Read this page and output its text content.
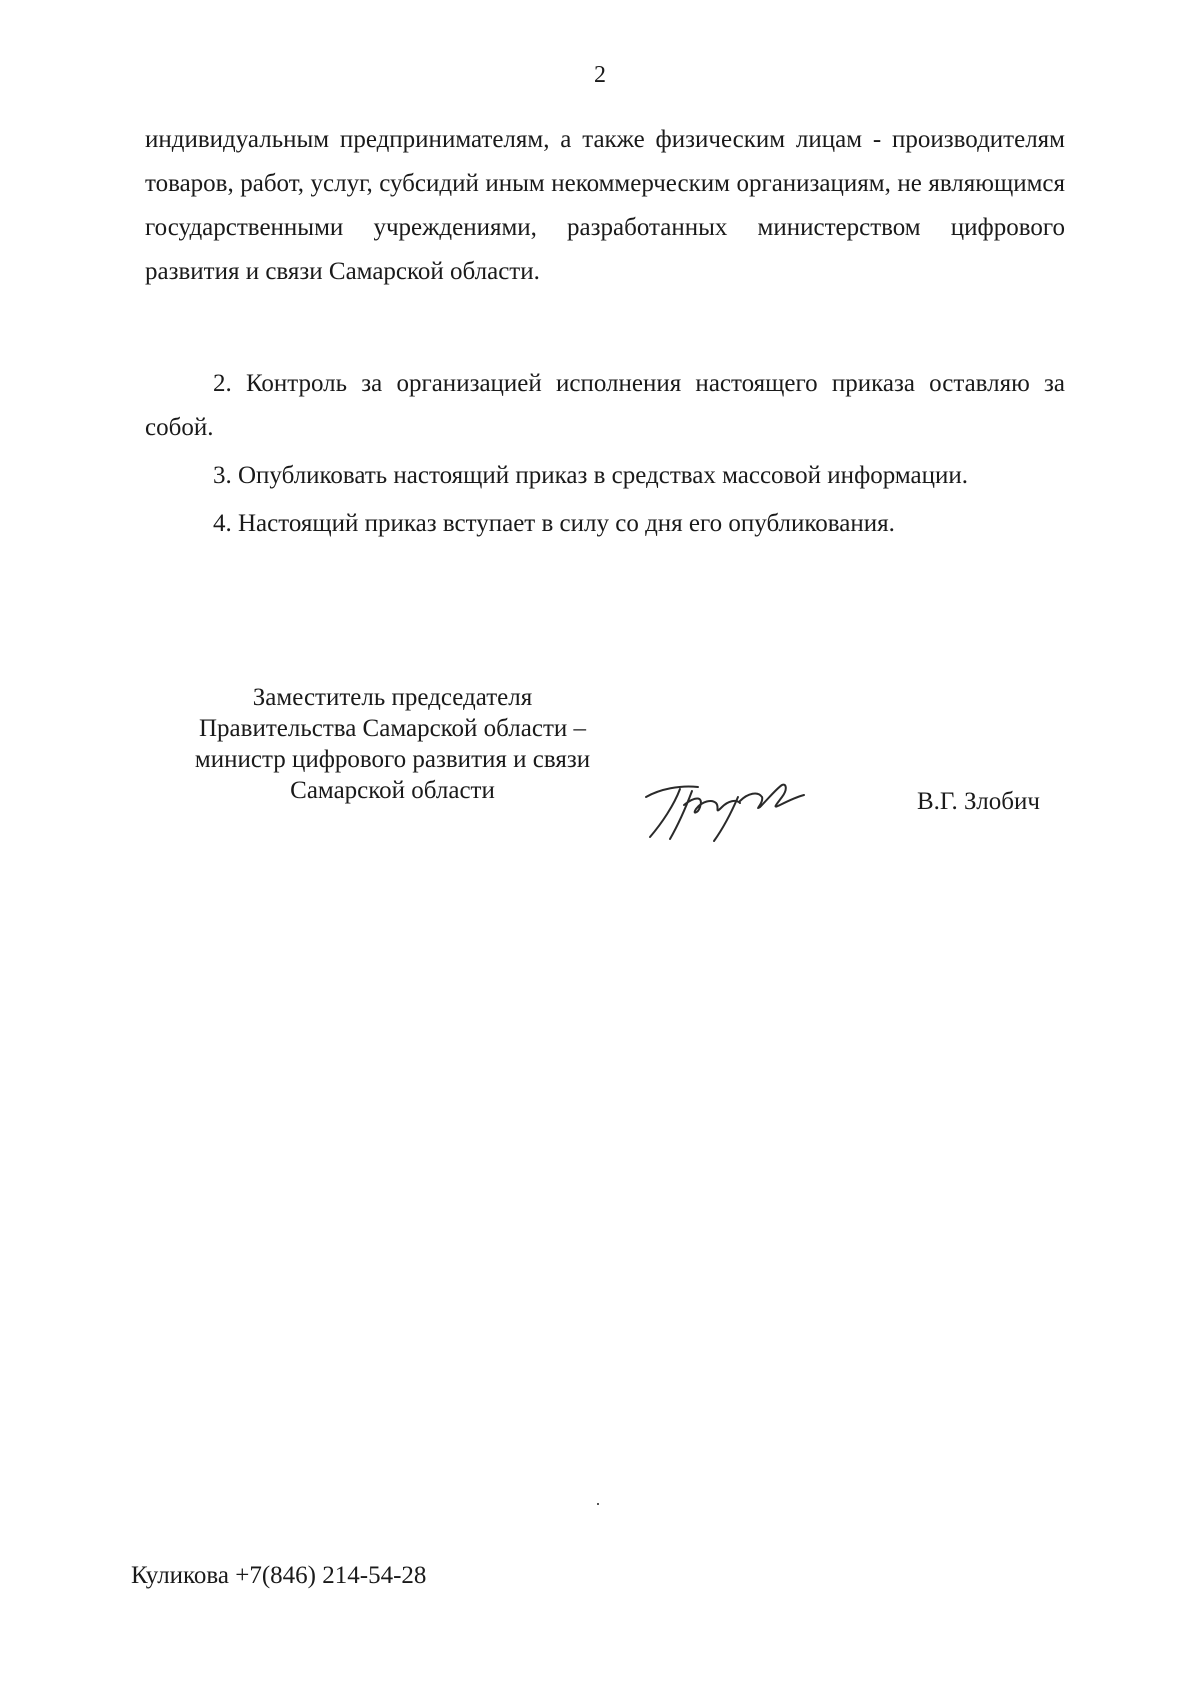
2
индивидуальным предпринимателям, а также физическим лицам - производителям товаров, работ, услуг, субсидий иным некоммерческим организациям, не являющимся государственными учреждениями, разработанных министерством цифрового развития и связи Самарской области.
2. Контроль за организацией исполнения настоящего приказа оставляю за собой.
3. Опубликовать настоящий приказ в средствах массовой информации.
4. Настоящий приказ вступает в силу со дня его опубликования.
Заместитель председателя
Правительства Самарской области –
министр цифрового развития и связи
Самарской области	В.Г. Злобич
Куликова +7(846) 214-54-28
